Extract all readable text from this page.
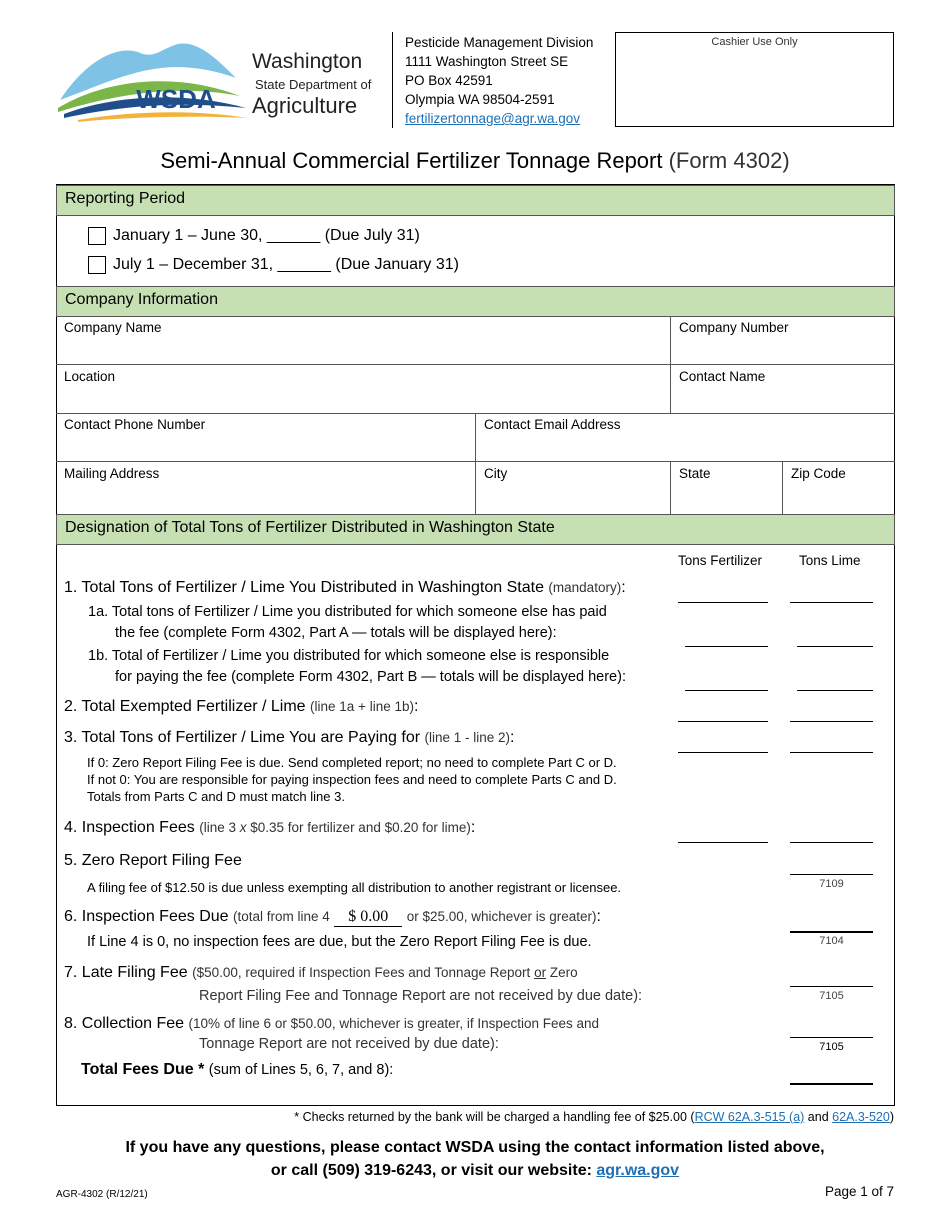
WSDA
Washington
State Department of
Agriculture
Pesticide Management Division
1111 Washington Street SE
PO Box 42591
Olympia WA 98504-2591
fertilizertonnage@agr.wa.gov
Cashier Use Only
Semi-Annual Commercial Fertilizer Tonnage Report (Form 4302)
Reporting Period
January 1 – June 30, ______ (Due July 31)
July 1 – December 31, ______ (Due January 31)
Company Information
Company Name	Company Number
Location	Contact Name
Contact Phone Number	Contact Email Address
Mailing Address	City	State	Zip Code
Designation of Total Tons of Fertilizer Distributed in Washington State
Tons Fertilizer	Tons Lime
1. Total Tons of Fertilizer / Lime You Distributed in Washington State (mandatory):
1a. Total tons of Fertilizer / Lime you distributed for which someone else has paid
the fee (complete Form 4302, Part A — totals will be displayed here):
1b. Total of Fertilizer / Lime you distributed for which someone else is responsible
for paying the fee (complete Form 4302, Part B — totals will be displayed here):
2. Total Exempted Fertilizer / Lime (line 1a + line 1b):
3. Total Tons of Fertilizer / Lime You are Paying for (line 1 - line 2):
If 0: Zero Report Filing Fee is due. Send completed report; no need to complete Part C or D.
If not 0: You are responsible for paying inspection fees and need to complete Parts C and D.
Totals from Parts C and D must match line 3.
4. Inspection Fees (line 3 x $0.35 for fertilizer and $0.20 for lime):
5. Zero Report Filing Fee
A filing fee of $12.50 is due unless exempting all distribution to another registrant or licensee.	7109
6. Inspection Fees Due (total from line 4 $ 0.00 or $25.00, whichever is greater):
If Line 4 is 0, no inspection fees are due, but the Zero Report Filing Fee is due.	7104
7. Late Filing Fee ($50.00, required if Inspection Fees and Tonnage Report or Zero
Report Filing Fee and Tonnage Report are not received by due date):	7105
8. Collection Fee (10% of line 6 or $50.00, whichever is greater, if Inspection Fees and
Tonnage Report are not received by due date):	7105
Total Fees Due * (sum of Lines 5, 6, 7, and 8):
* Checks returned by the bank will be charged a handling fee of $25.00 (RCW 62A.3-515 (a) and 62A.3-520)
If you have any questions, please contact WSDA using the contact information listed above,
or call (509) 319-6243, or visit our website: agr.wa.gov
AGR-4302 (R/12/21)	Page 1 of 7
